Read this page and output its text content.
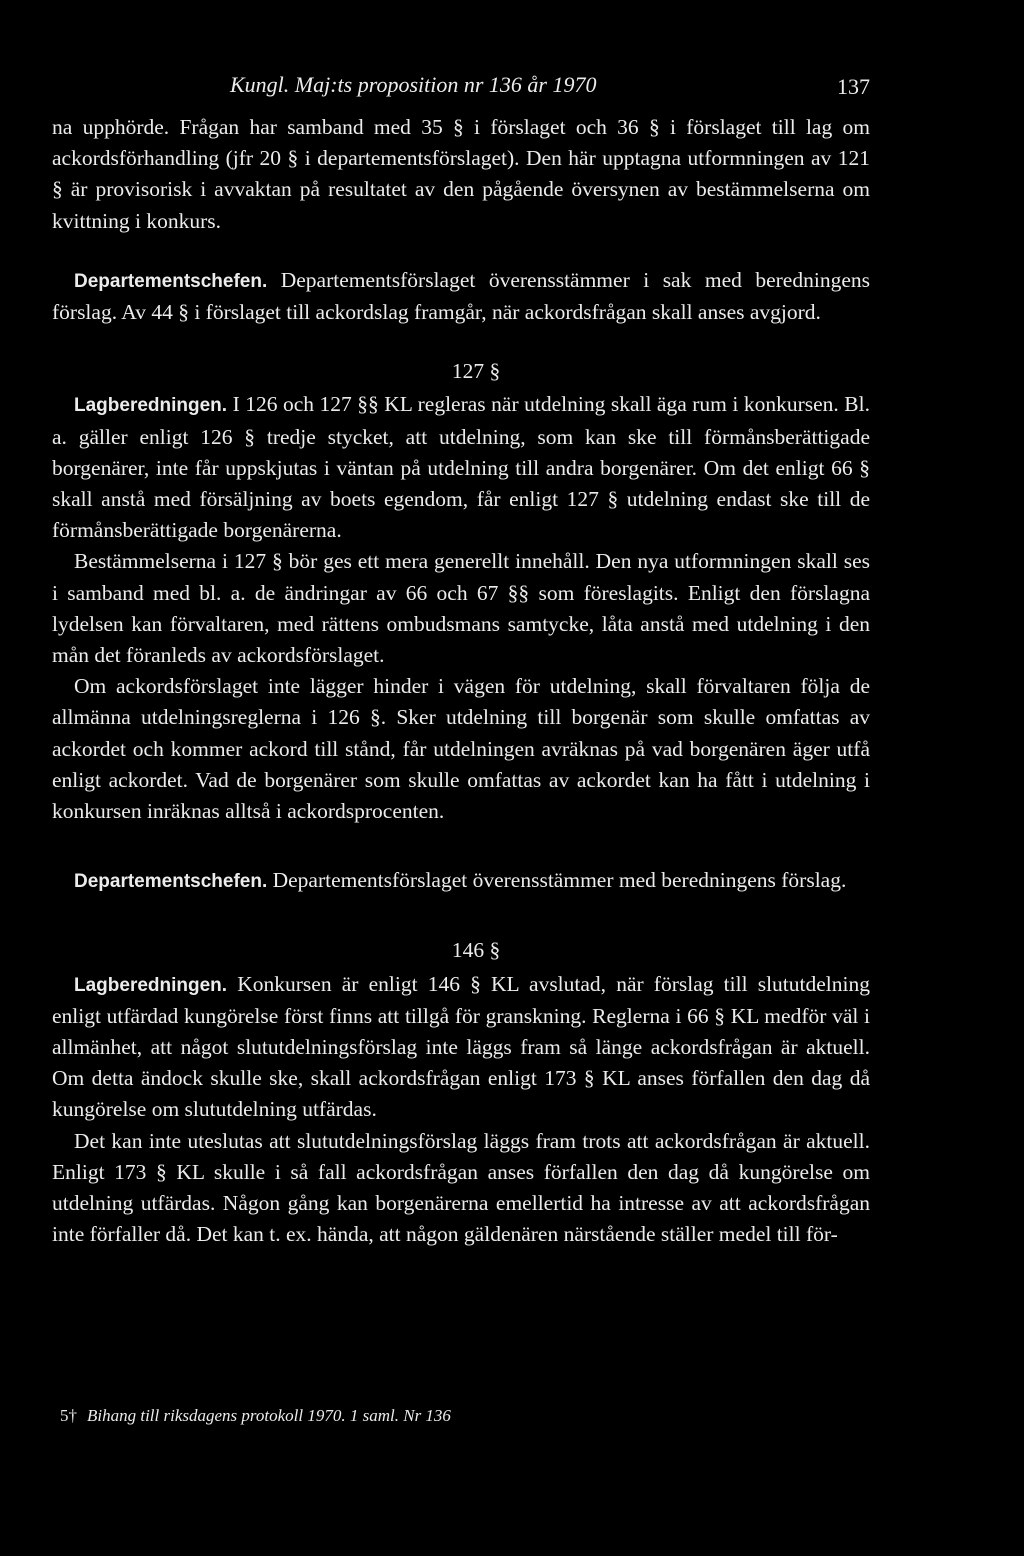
Kungl. Maj:ts proposition nr 136 år 1970	137

na upphörde. Frågan har samband med 35 § i förslaget och 36 § i förslaget till lag om ackordsförhandling (jfr 20 § i departementsförslaget). Den här upptagna utformningen av 121 § är provisorisk i avvaktan på resultatet av den pågående översynen av bestämmelserna om kvittning i konkurs.

Departementschefen. Departementsförslaget överensstämmer i sak med beredningens förslag. Av 44 § i förslaget till ackordslag framgår, när ackordsfrågan skall anses avgjord.

127 §

Lagberedningen. I 126 och 127 §§ KL regleras när utdelning skall äga rum i konkursen. Bl. a. gäller enligt 126 § tredje stycket, att utdelning, som kan ske till förmånsberättigade borgenärer, inte får uppskjutas i väntan på utdelning till andra borgenärer. Om det enligt 66 § skall anstå med försäljning av boets egendom, får enligt 127 § utdelning endast ske till de förmånsberättigade borgenärerna.

Bestämmelserna i 127 § bör ges ett mera generellt innehåll. Den nya utformningen skall ses i samband med bl. a. de ändringar av 66 och 67 §§ som föreslagits. Enligt den förslagna lydelsen kan förvaltaren, med rättens ombudsmans samtycke, låta anstå med utdelning i den mån det föranleds av ackordsförslaget.

Om ackordsförslaget inte lägger hinder i vägen för utdelning, skall förvaltaren följa de allmänna utdelningsreglerna i 126 §. Sker utdelning till borgenär som skulle omfattas av ackordet och kommer ackord till stånd, får utdelningen avräknas på vad borgenären äger utfå enligt ackordet. Vad de borgenärer som skulle omfattas av ackordet kan ha fått i utdelning i konkursen inräknas alltså i ackordsprocenten.

Departementschefen. Departementsförslaget överensstämmer med beredningens förslag.

146 §

Lagberedningen. Konkursen är enligt 146 § KL avslutad, när förslag till slututdelning enligt utfärdad kungörelse först finns att tillgå för granskning. Reglerna i 66 § KL medför väl i allmänhet, att något slututdelningsförslag inte läggs fram så länge ackordsfrågan är aktuell. Om detta ändock skulle ske, skall ackordsfrågan enligt 173 § KL anses förfallen den dag då kungörelse om slututdelning utfärdas.

Det kan inte uteslutas att slututdelningsförslag läggs fram trots att ackordsfrågan är aktuell. Enligt 173 § KL skulle i så fall ackordsfrågan anses förfallen den dag då kungörelse om utdelning utfärdas. Någon gång kan borgenärerna emellertid ha intresse av att ackordsfrågan inte förfaller då. Det kan t. ex. hända, att någon gäldenären närstående ställer medel till för-

5† Bihang till riksdagens protokoll 1970. 1 saml. Nr 136
